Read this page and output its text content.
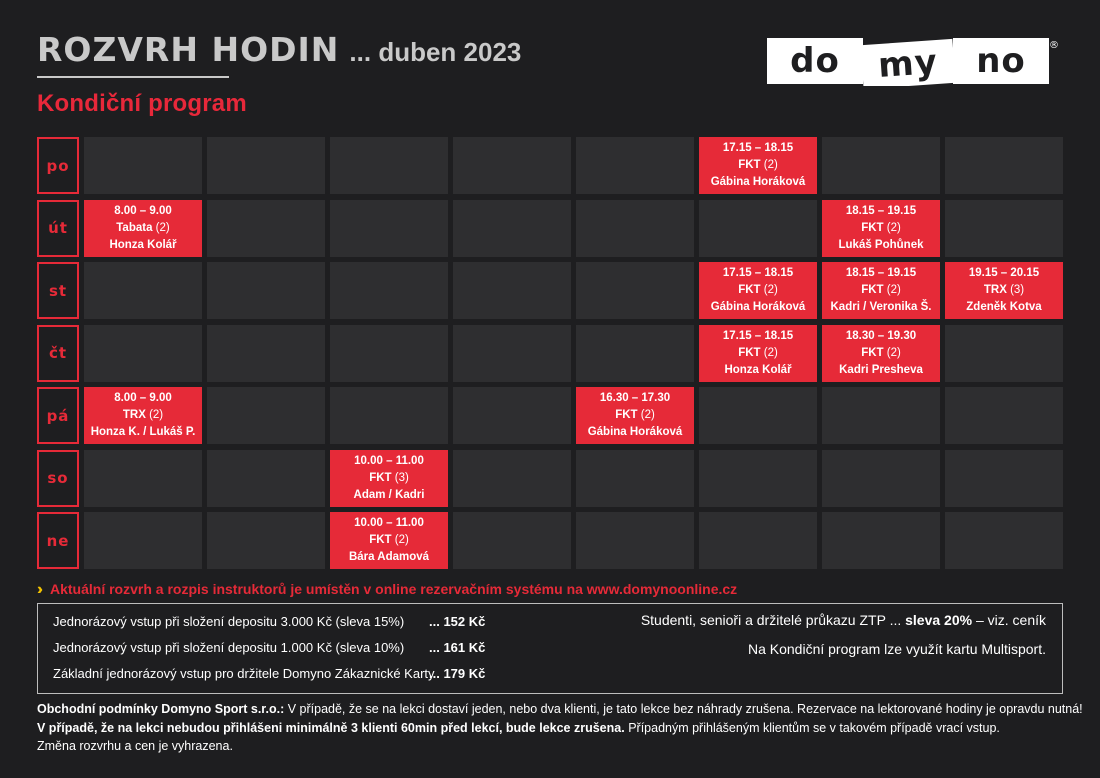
ROZVRH HODIN ... duben 2023
Kondiční program
do my no ®
po
17.15 – 18.15
FKT (2)
Gábina Horáková
út
8.00 – 9.00
Tabata (2)
Honza Kolář
18.15 – 19.15
FKT (2)
Lukáš Pohůnek
st
17.15 – 18.15
FKT (2)
Gábina Horáková
18.15 – 19.15
FKT (2)
Kadri / Veronika Š.
19.15 – 20.15
TRX (3)
Zdeněk Kotva
čt
17.15 – 18.15
FKT (2)
Honza Kolář
18.30 – 19.30
FKT (2)
Kadri Presheva
pá
8.00 – 9.00
TRX (2)
Honza K. / Lukáš P.
16.30 – 17.30
FKT (2)
Gábina Horáková
so
10.00 – 11.00
FKT (3)
Adam / Kadri
ne
10.00 – 11.00
FKT (2)
Bára Adamová
››› Aktuální rozvrh a rozpis instruktorů je umístěn v online rezervačním systému na www.domynoonline.cz
Jednorázový vstup při složení depositu 3.000 Kč (sleva 15%) ... 152 Kč
Jednorázový vstup při složení depositu 1.000 Kč (sleva 10%) ... 161 Kč
Základní jednorázový vstup pro držitele Domyno Zákaznické Karty
... 179 Kč
Studenti, senioři a držitelé průkazu ZTP ... sleva 20% – viz. ceník
Na Kondiční program lze využít kartu Multisport.
Obchodní podmínky Domyno Sport s.r.o.: V případě, že se na lekci dostaví jeden, nebo dva klienti, je tato lekce bez náhrady zrušena. Rezervace na lektorované hodiny je opravdu nutná!
V případě, že na lekci nebudou přihlášeni minimálně 3 klienti 60min před lekcí, bude lekce zrušena. Případným přihlášeným klientům se v takovém případě vrací vstup.
Změna rozvrhu a cen je vyhrazena.
